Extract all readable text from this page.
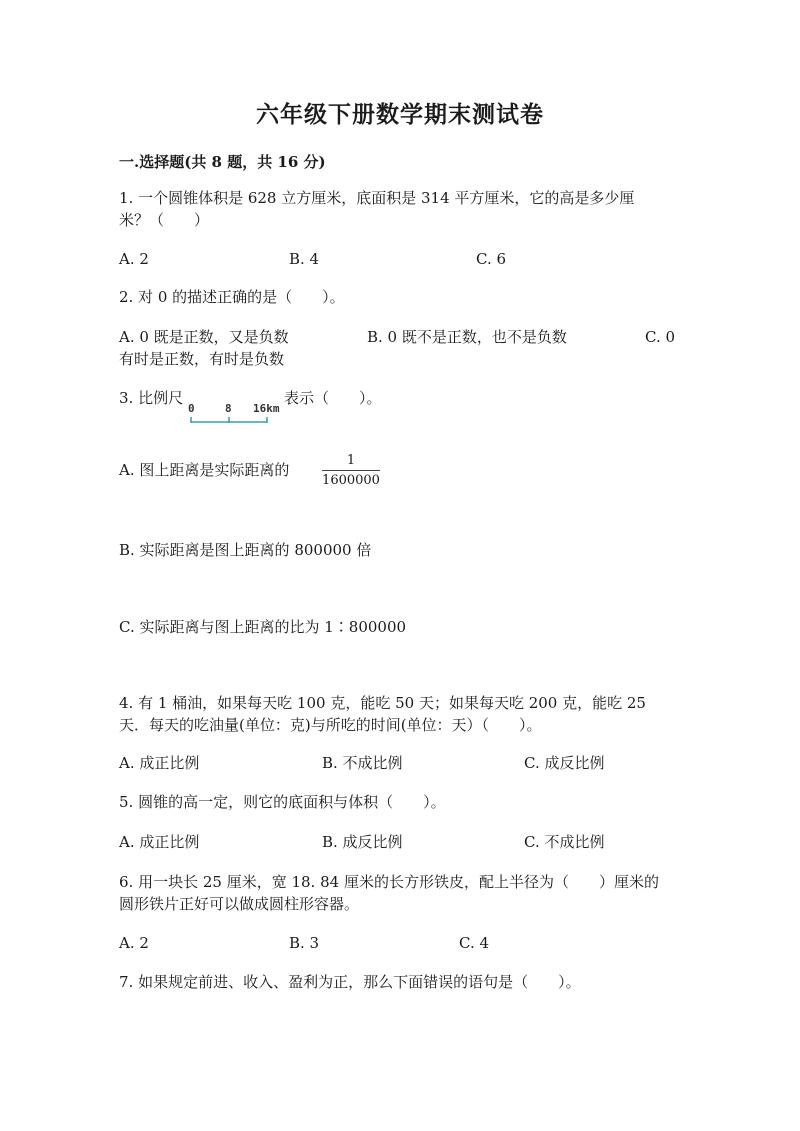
六年级下册数学期末测试卷
一.选择题(共 8 题，共 16 分)
1. 一个圆锥体积是 628 立方厘米，底面积是 314 平方厘米，它的高是多少厘
米？（　　）
A. 2	B. 4	C. 6
2. 对 0 的描述正确的是（　　）。
A. 0 既是正数，又是负数	B. 0 既不是正数，也不是负数	C. 0
有时是正数，有时是负数
3. 比例尺
0	8 16km
表示（　　）。
A. 图上距离是实际距离的
1
1600000
B. 实际距离是图上距离的 800000 倍
C. 实际距离与图上距离的比为 1∶800000
4. 有 1 桶油，如果每天吃 100 克，能吃 50 天；如果每天吃 200 克，能吃 25
天．每天的吃油量(单位：克)与所吃的时间(单位：天）（　　）。
A. 成正比例	B. 不成比例	C. 成反比例
5. 圆锥的高一定，则它的底面积与体积（　　）。
A. 成正比例	B. 成反比例	C. 不成比例
6. 用一块长 25 厘米，宽 18. 84 厘米的长方形铁皮，配上半径为（　　）厘米的
圆形铁片正好可以做成圆柱形容器。
A. 2	B. 3	C. 4
7. 如果规定前进、收入、盈利为正，那么下面错误的语句是（　　）。
